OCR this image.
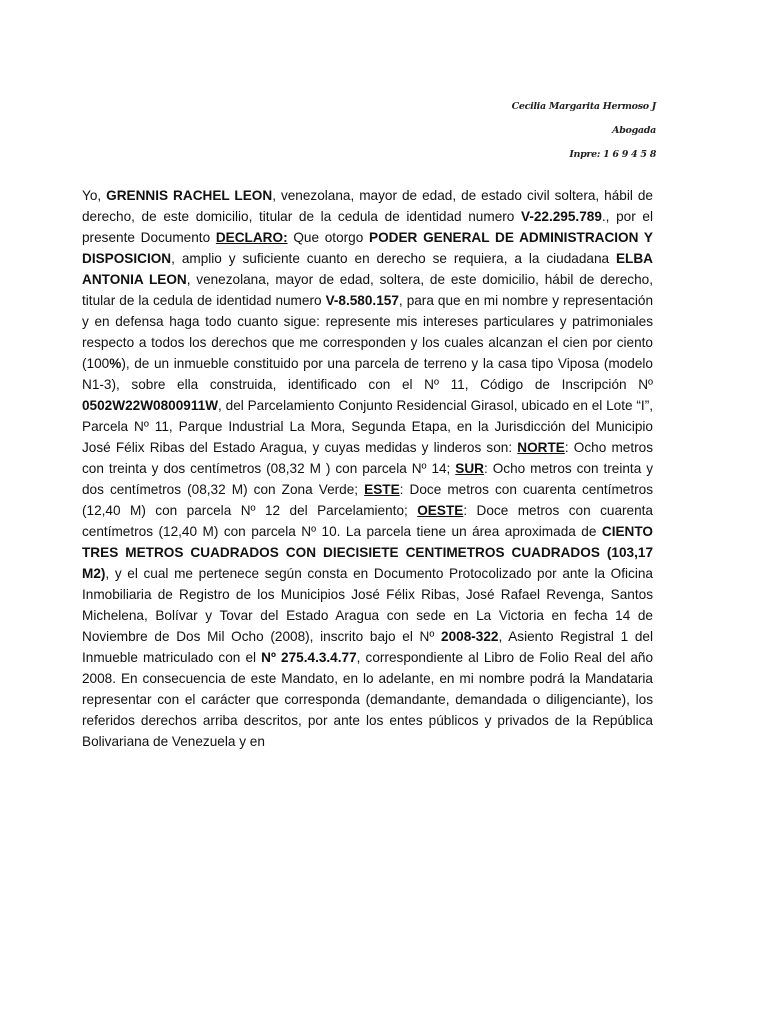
Cecilia Margarita Hermoso J
Abogada
Inpre: 1 6 9 4 5 8

Yo, GRENNIS RACHEL LEON, venezolana, mayor de edad, de estado civil soltera, hábil de derecho, de este domicilio, titular de la cedula de identidad numero V-22.295.789., por el presente Documento DECLARO: Que otorgo PODER GENERAL DE ADMINISTRACION Y DISPOSICION, amplio y suficiente cuanto en derecho se requiera, a la ciudadana ELBA ANTONIA LEON, venezolana, mayor de edad, soltera, de este domicilio, hábil de derecho, titular de la cedula de identidad numero V-8.580.157, para que en mi nombre y representación y en defensa haga todo cuanto sigue: represente mis intereses particulares y patrimoniales respecto a todos los derechos que me corresponden y los cuales alcanzan el cien por ciento (100%), de un inmueble constituido por una parcela de terreno y la casa tipo Viposa (modelo N1-3), sobre ella construida, identificado con el Nº 11, Código de Inscripción Nº 0502W22W0800911W, del Parcelamiento Conjunto Residencial Girasol, ubicado en el Lote “I”, Parcela Nº 11, Parque Industrial La Mora, Segunda Etapa, en la Jurisdicción del Municipio José Félix Ribas del Estado Aragua, y cuyas medidas y linderos son: NORTE: Ocho metros con treinta y dos centímetros (08,32 M ) con parcela Nº 14; SUR: Ocho metros con treinta y dos centímetros (08,32 M) con Zona Verde; ESTE: Doce metros con cuarenta centímetros (12,40 M) con parcela Nº 12 del Parcelamiento; OESTE: Doce metros con cuarenta centímetros (12,40 M) con parcela Nº 10. La parcela tiene un área aproximada de CIENTO TRES METROS CUADRADOS CON DIECISIETE CENTIMETROS CUADRADOS (103,17 M2), y el cual me pertenece según consta en Documento Protocolizado por ante la Oficina Inmobiliaria de Registro de los Municipios José Félix Ribas, José Rafael Revenga, Santos Michelena, Bolívar y Tovar del Estado Aragua con sede en La Victoria en fecha 14 de Noviembre de Dos Mil Ocho (2008), inscrito bajo el Nº 2008-322, Asiento Registral 1 del Inmueble matriculado con el Nº 275.4.3.4.77, correspondiente al Libro de Folio Real del año 2008. En consecuencia de este Mandato, en lo adelante, en mi nombre podrá la Mandataria representar con el carácter que corresponda (demandante, demandada o diligenciante), los referidos derechos arriba descritos, por ante los entes públicos y privados de la República Bolivariana de Venezuela y en
